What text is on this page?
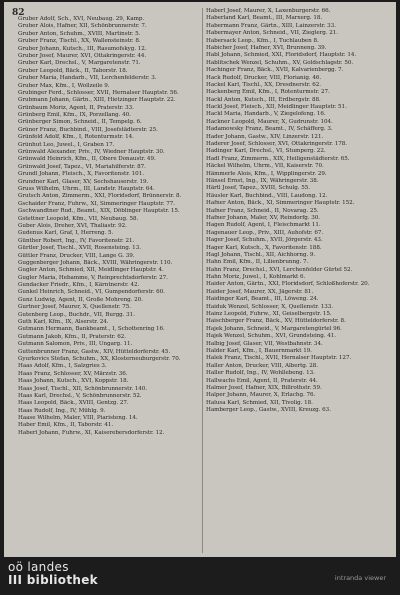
82
Gruber Adolf, Sch., XVI, Neubaug. 29, Kamp.
Gruber Alois, Hafner, XII, Schönbrunnerstr. 7.
Gruber Anton, Schuhm., XVIII, Martinstr. 5.
Gruber Franz, Tischl., XX, Wallensteinstr. 8.
Gruber Johann, Kutsch., III, Rasumofskyg. 12.
Gruber Josef, Maurer, XVI, Ottakringerstr. 44.
Gruber Karl, Drechsl., V, Margaretenstr. 71.
Gruber Leopold, Bäck., II, Taborstr. 18.
Gruber Maria, Handarb., VII, Lerchenfelderstr. 3.
Gruber Max, Kfm., I, Wollzeile 9.
Grubinger Ferd., Schlosser, XVII, Hernalser Hauptstr. 56.
Grubmann Johann, Gärtn., XIII, Hietzinger Hauptstr. 22.
Grünbaum Moriz, Agent, II, Praterstr. 33.
Grünberg Emil, Kfm., IX, Porzellang. 40.
Grünberger Simon, Schneid., II, Tempelg. 6.
Grüner Franz, Buchbind., VIII, Josefstädterstr. 25.
Grünfeld Adolf, Kfm., I, Rotenturmstr. 14.
Grünhut Leo, Juwel., I, Graben 17.
Grünwald Alexander, Priv., IV, Wiedner Hauptstr. 30.
Grünwald Heinrich, Kfm., II, Obere Donaustr. 49.
Grünwald Josef, Tapez., VI, Mariahilferstr. 87.
Grundl Johann, Fleisch., X, Favoritenstr. 101.
Grundner Karl, Glaser, XV, Sechshauserstr. 19.
Gruss Wilhelm, Uhrm., III, Landstr. Hauptstr. 64.
Grutsch Anton, Zimmerm., XXI, Floridsdorf, Brünnerstr. 8.
Gschaider Franz, Fuhrw., XI, Simmeringer Hauptstr. 77.
Gschwandtner Rud., Beamt., XIX, Döblinger Hauptstr. 15.
Gstettner Leopold, Kfm., VII, Neubaug. 58.
Guber Alois, Dreher, XVI, Thaliastr. 92.
Gudenus Karl, Graf, I, Herreng. 5.
Günther Robert, Ing., IV, Favoritenstr. 21.
Gürtler Josef, Tischl., XVII, Rosensteing. 13.
Güttler Franz, Drucker, VIII, Lange G. 39.
Guggenberger Johann, Bäck., XVIII, Währingerstr. 110.
Gugler Anton, Schmied, XII, Meidlinger Hauptstr. 4.
Gugler Maria, Hebamme, V, Reinprechtsdorferstr. 27.
Gundacker Friedr., Kfm., I, Kärntnerstr. 42.
Gunkel Heinrich, Schneid., VI, Gumpendorferstr. 60.
Gunz Ludwig, Agent, II, Große Mohreng. 20.
Gurtner Josef, Maurer, X, Quellenstr. 75.
Gutenberg Leop., Buchdr., VII, Burgg. 31.
Guth Karl, Kfm., IX, Alserstr. 24.
Gutmann Hermann, Bankbeamt., I, Schottenring 16.
Gutmann Jakob, Kfm., II, Praterstr. 62.
Gutmann Salomon, Priv., III, Ungarg. 11.
Guttenbrunner Franz, Gastw., XIV, Hütteldorferstr. 45.
Gyurkovics Stefan, Schuhm., XX, Klosterneuburgerstr. 70.
Haas Adolf, Kfm., I, Salzgries 3.
Haas Franz, Schlosser, XV, Märzstr. 36.
Haas Johann, Kutsch., XVI, Koppstr. 18.
Haas Josef, Tischl., XII, Schönbrunnerstr. 140.
Haas Karl, Drechsl., V, Schönbrunnerstr. 52.
Haas Leopold, Bäck., XVIII, Gentzg. 27.
Haas Rudolf, Ing., IV, Mühlg. 9.
Haase Wilhelm, Maler, VIII, Piaristeng. 14.
Haber Emil, Kfm., II, Taborstr. 41.
Haberl Johann, Fuhrw., XI, Kaiserebersdorferstr. 12.
Haberl Josef, Maurer, X, Laxenburgerstr. 66.
Haberland Karl, Beamt., III, Marxerg. 18.
Habermann Franz, Gärtn., XIII, Lainzerstr. 33.
Habermayer Anton, Schneid., VII, Zieglerg. 21.
Habersack Leop., Kfm., I, Tuchlauben 8.
Habicher Josef, Hafner, XVI, Brunneng. 39.
Habl Johann, Schmied, XXI, Floridsdorf, Hauptstr. 14.
Hablitschek Wenzel, Schuhm., XV, Goldschlagstr. 50.
Hachinger Franz, Bäck., XVII, Kalvarienbergg. 7.
Hack Rudolf, Drucker, VIII, Florianig. 46.
Hackel Karl, Tischl., XX, Dresdnerstr. 62.
Hackenberg Emil, Kfm., I, Rotenturmstr. 27.
Hackl Anton, Kutsch., III, Erdbergstr. 88.
Hackl Josef, Fleisch., XII, Meidlinger Hauptstr. 51.
Hackl Maria, Handarb., V, Ziegelofeng. 16.
Hackner Leopold, Maurer, X, Gudrunstr. 104.
Hadamowsky Franz, Beamt., IV, Schäfferg. 3.
Hader Johann, Gastw., XIV, Linzerstr. 121.
Haderer Josef, Schlosser, XVI, Ottakringerstr. 178.
Hadinger Karl, Drechsl., VI, Stumperg. 22.
Hadl Franz, Zimmerm., XIX, Heiligenstädterstr. 65.
Häckel Wilhelm, Uhrm., VII, Kaiserstr. 70.
Hämmerle Alois, Kfm., I, Wipplingerstr. 29.
Hänsel Ernst, Ing., IX, Währingerstr. 38.
Härtl Josef, Tapez., XVIII, Schulg. 55.
Häusler Karl, Buchbind., VIII, Laudong. 12.
Hafner Anton, Bäck., XI, Simmeringer Hauptstr. 152.
Hafner Franz, Schneid., II, Novarag. 25.
Hafner Johann, Maler, XV, Reindorfg. 30.
Hagen Rudolf, Agent, I, Fleischmarkt 11.
Hagenauer Leop., Priv., XIII, Auhofstr. 67.
Hager Josef, Schuhm., XVII, Jörgerstr. 43.
Hager Karl, Kutsch., X, Favoritenstr. 188.
Hagl Johann, Tischl., XII, Aichhorng. 9.
Hahn Emil, Kfm., II, Lilienbrunng. 7.
Hahn Franz, Drechsl., XVI, Lerchenfelder Gürtel 52.
Hahn Moriz, Juwel., I, Kohlmarkt 6.
Haider Anton, Gärtn., XXI, Floridsdorf, Schloßhoferstr. 20.
Haider Josef, Maurer, XX, Jägerstr. 81.
Haidinger Karl, Beamt., III, Löweng. 24.
Haiduk Wenzel, Schlosser, X, Quellenstr. 133.
Hainz Leopold, Fuhrw., XI, Geiselbergstr. 15.
Haischberger Franz, Bäck., XV, Hütteldorferstr. 8.
Hajek Johann, Schneid., V, Margaretengürtel 96.
Hajek Wenzel, Schuhm., XVI, Grundsteing. 41.
Halbig Josef, Glaser, VII, Westbahnstr. 34.
Halder Karl, Kfm., I, Bauernmarkt 19.
Halek Franz, Tischl., XVII, Hernalser Hauptstr. 127.
Haller Anton, Drucker, VIII, Albertg. 28.
Haller Rudolf, Ing., IV, Wohllebeng. 13.
Hallwachs Emil, Agent, II, Praterstr. 44.
Halmer Josef, Hafner, XIX, Billrothstr. 59.
Halper Johann, Maurer, X, Erlachg. 76.
Halusa Karl, Schmied, XII, Tivolig. 18.
Hamberger Leop., Gastw., XVIII, Kreuzg. 63.
oö landes
III bibliothek	intranda viewer
